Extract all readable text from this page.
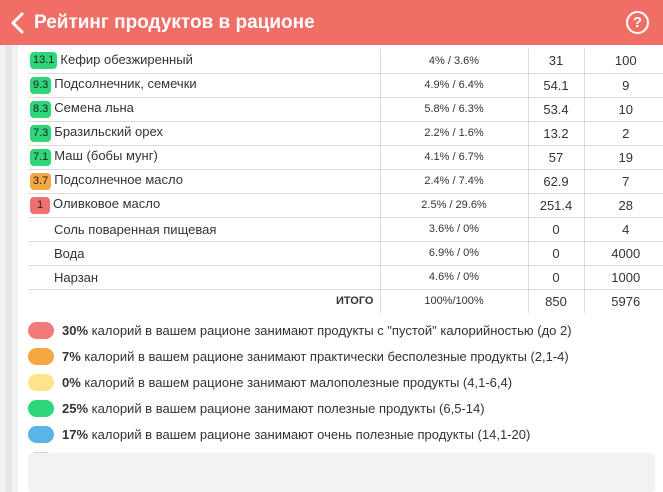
Рейтинг продуктов в рационе	?
13.1 Кефир обезжиренный	4% / 3.6%	31	100
9.3 Подсолнечник, семечки	4.9% / 6.4%	54.1	9
8.3 Семена льна	5.8% / 6.3%	53.4	10
7.3 Бразильский орех	2.2% / 1.6%	13.2	2
7.1 Маш (бобы мунг)	4.1% / 6.7%	57	19
3.7 Подсолнечное масло	2.4% / 7.4%	62.9	7
1 Оливковое масло	2.5% / 29.6%	251.4	28
Соль поваренная пищевая	3.6% / 0%	0	4
Вода	6.9% / 0%	0	4000
Нарзан	4.6% / 0%	0	1000
ИТОГО	100%/100%	850	5976
30%
калорий в вашем рационе занимают продукты с "пустой" калорийностью (до 2)
7%
калорий в вашем рационе занимают практически бесполезные продукты (2,1-4)
0%
калорий в вашем рационе занимают малополезные продукты (4,1-6,4)
25%
калорий в вашем рационе занимают полезные продукты (6,5-14)
17%
калорий в вашем рационе занимают очень полезные продукты (14,1-20)
